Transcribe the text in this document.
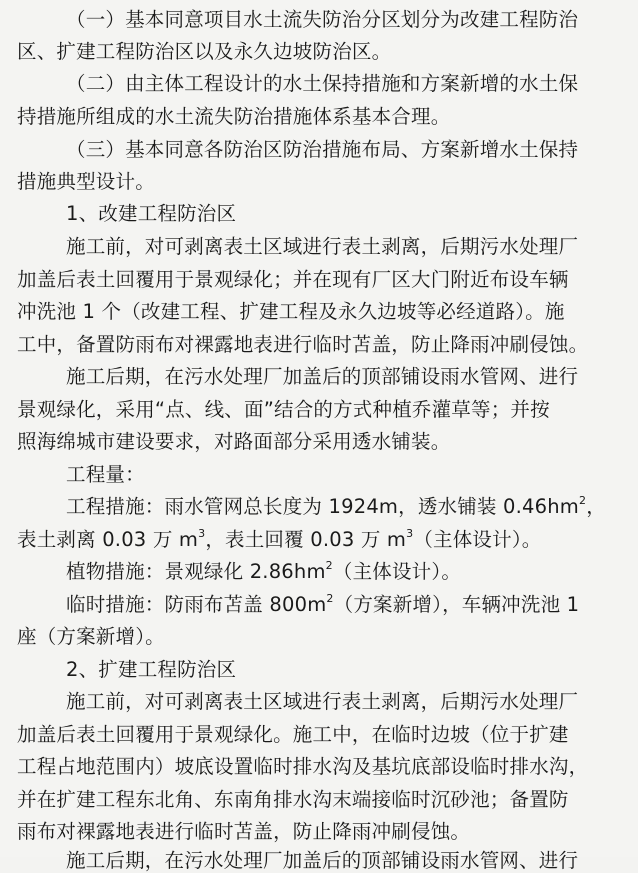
（一）基本同意项目水土流失防治分区划分为改建工程防治
区、扩建工程防治区以及永久边坡防治区。
（二）由主体工程设计的水土保持措施和方案新增的水土保
持措施所组成的水土流失防治措施体系基本合理。
（三）基本同意各防治区防治措施布局、方案新增水土保持
措施典型设计。
1、改建工程防治区
施工前，对可剥离表土区域进行表土剥离，后期污水处理厂
加盖后表土回覆用于景观绿化；并在现有厂区大门附近布设车辆
冲洗池 1 个（改建工程、扩建工程及永久边坡等必经道路）。施
工中，备置防雨布对裸露地表进行临时苫盖，防止降雨冲刷侵蚀。
施工后期，在污水处理厂加盖后的顶部铺设雨水管网、进行
景观绿化，采用“点、线、面”结合的方式种植乔灌草等；并按
照海绵城市建设要求，对路面部分采用透水铺装。
工程量：
工程措施：雨水管网总长度为 1924m，透水铺装 $0.46hm^2$，
表土剥离 0.03 万 $m^3$，表土回覆 0.03 万 $m^3$（主体设计）。
植物措施：景观绿化 $2.86hm^2$（主体设计）。
临时措施：防雨布苫盖 $800m^2$（方案新增），车辆冲洗池 1
座（方案新增）。
2、扩建工程防治区
施工前，对可剥离表土区域进行表土剥离，后期污水处理厂
加盖后表土回覆用于景观绿化。施工中，在临时边坡（位于扩建
工程占地范围内）坡底设置临时排水沟及基坑底部设临时排水沟，
并在扩建工程东北角、东南角排水沟末端接临时沉砂池；备置防
雨布对裸露地表进行临时苫盖，防止降雨冲刷侵蚀。
施工后期，在污水处理厂加盖后的顶部铺设雨水管网、进行
